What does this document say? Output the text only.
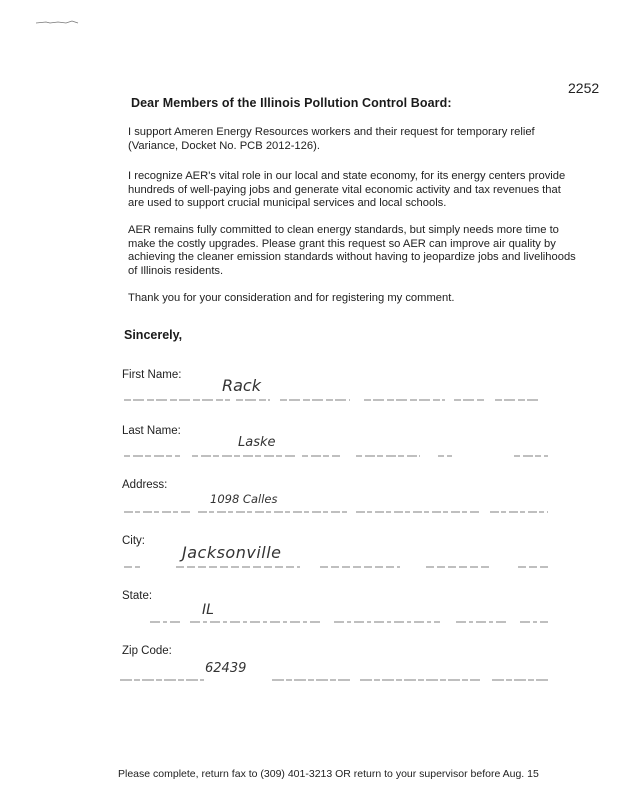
2252
Dear Members of the Illinois Pollution Control Board:
I support Ameren Energy Resources workers and their request for temporary relief (Variance, Docket No. PCB 2012-126).
I recognize AER's vital role in our local and state economy, for its energy centers provide hundreds of well-paying jobs and generate vital economic activity and tax revenues that are used to support crucial municipal services and local schools.
AER remains fully committed to clean energy standards, but simply needs more time to make the costly upgrades. Please grant this request so AER can improve air quality by achieving the cleaner emission standards without having to jeopardize jobs and livelihoods of Illinois residents.
Thank you for your consideration and for registering my comment.
Sincerely,
First Name:
Rack
Last Name:
Laske
Address:
1098 Calles
City:
Jacksonville
State:
IL
Zip Code:
62439
Please complete, return fax to (309) 401-3213 OR return to your supervisor before Aug. 15
